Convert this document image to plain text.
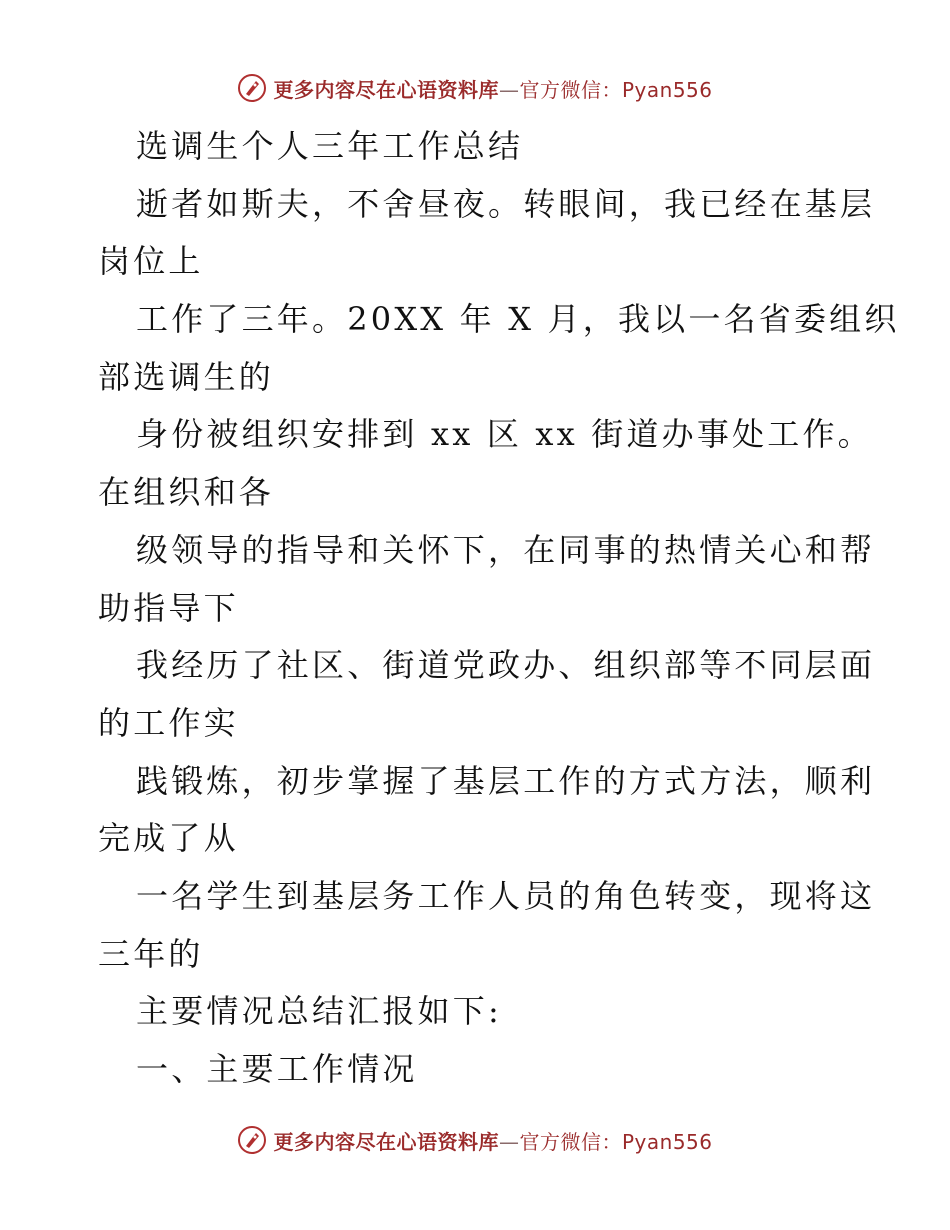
更多内容尽在心语资料库—官方微信：Pyan556
选调生个人三年工作总结
逝者如斯夫，不舍昼夜。转眼间，我已经在基层
岗位上
工作了三年。20XX 年 X 月，我以一名省委组织
部选调生的
身份被组织安排到 xx 区 xx 街道办事处工作。
在组织和各
级领导的指导和关怀下，在同事的热情关心和帮
助指导下
我经历了社区、街道党政办、组织部等不同层面
的工作实
践锻炼，初步掌握了基层工作的方式方法，顺利
完成了从
一名学生到基层务工作人员的角色转变，现将这
三年的
主要情况总结汇报如下:
一、主要工作情况
更多内容尽在心语资料库—官方微信：Pyan556
